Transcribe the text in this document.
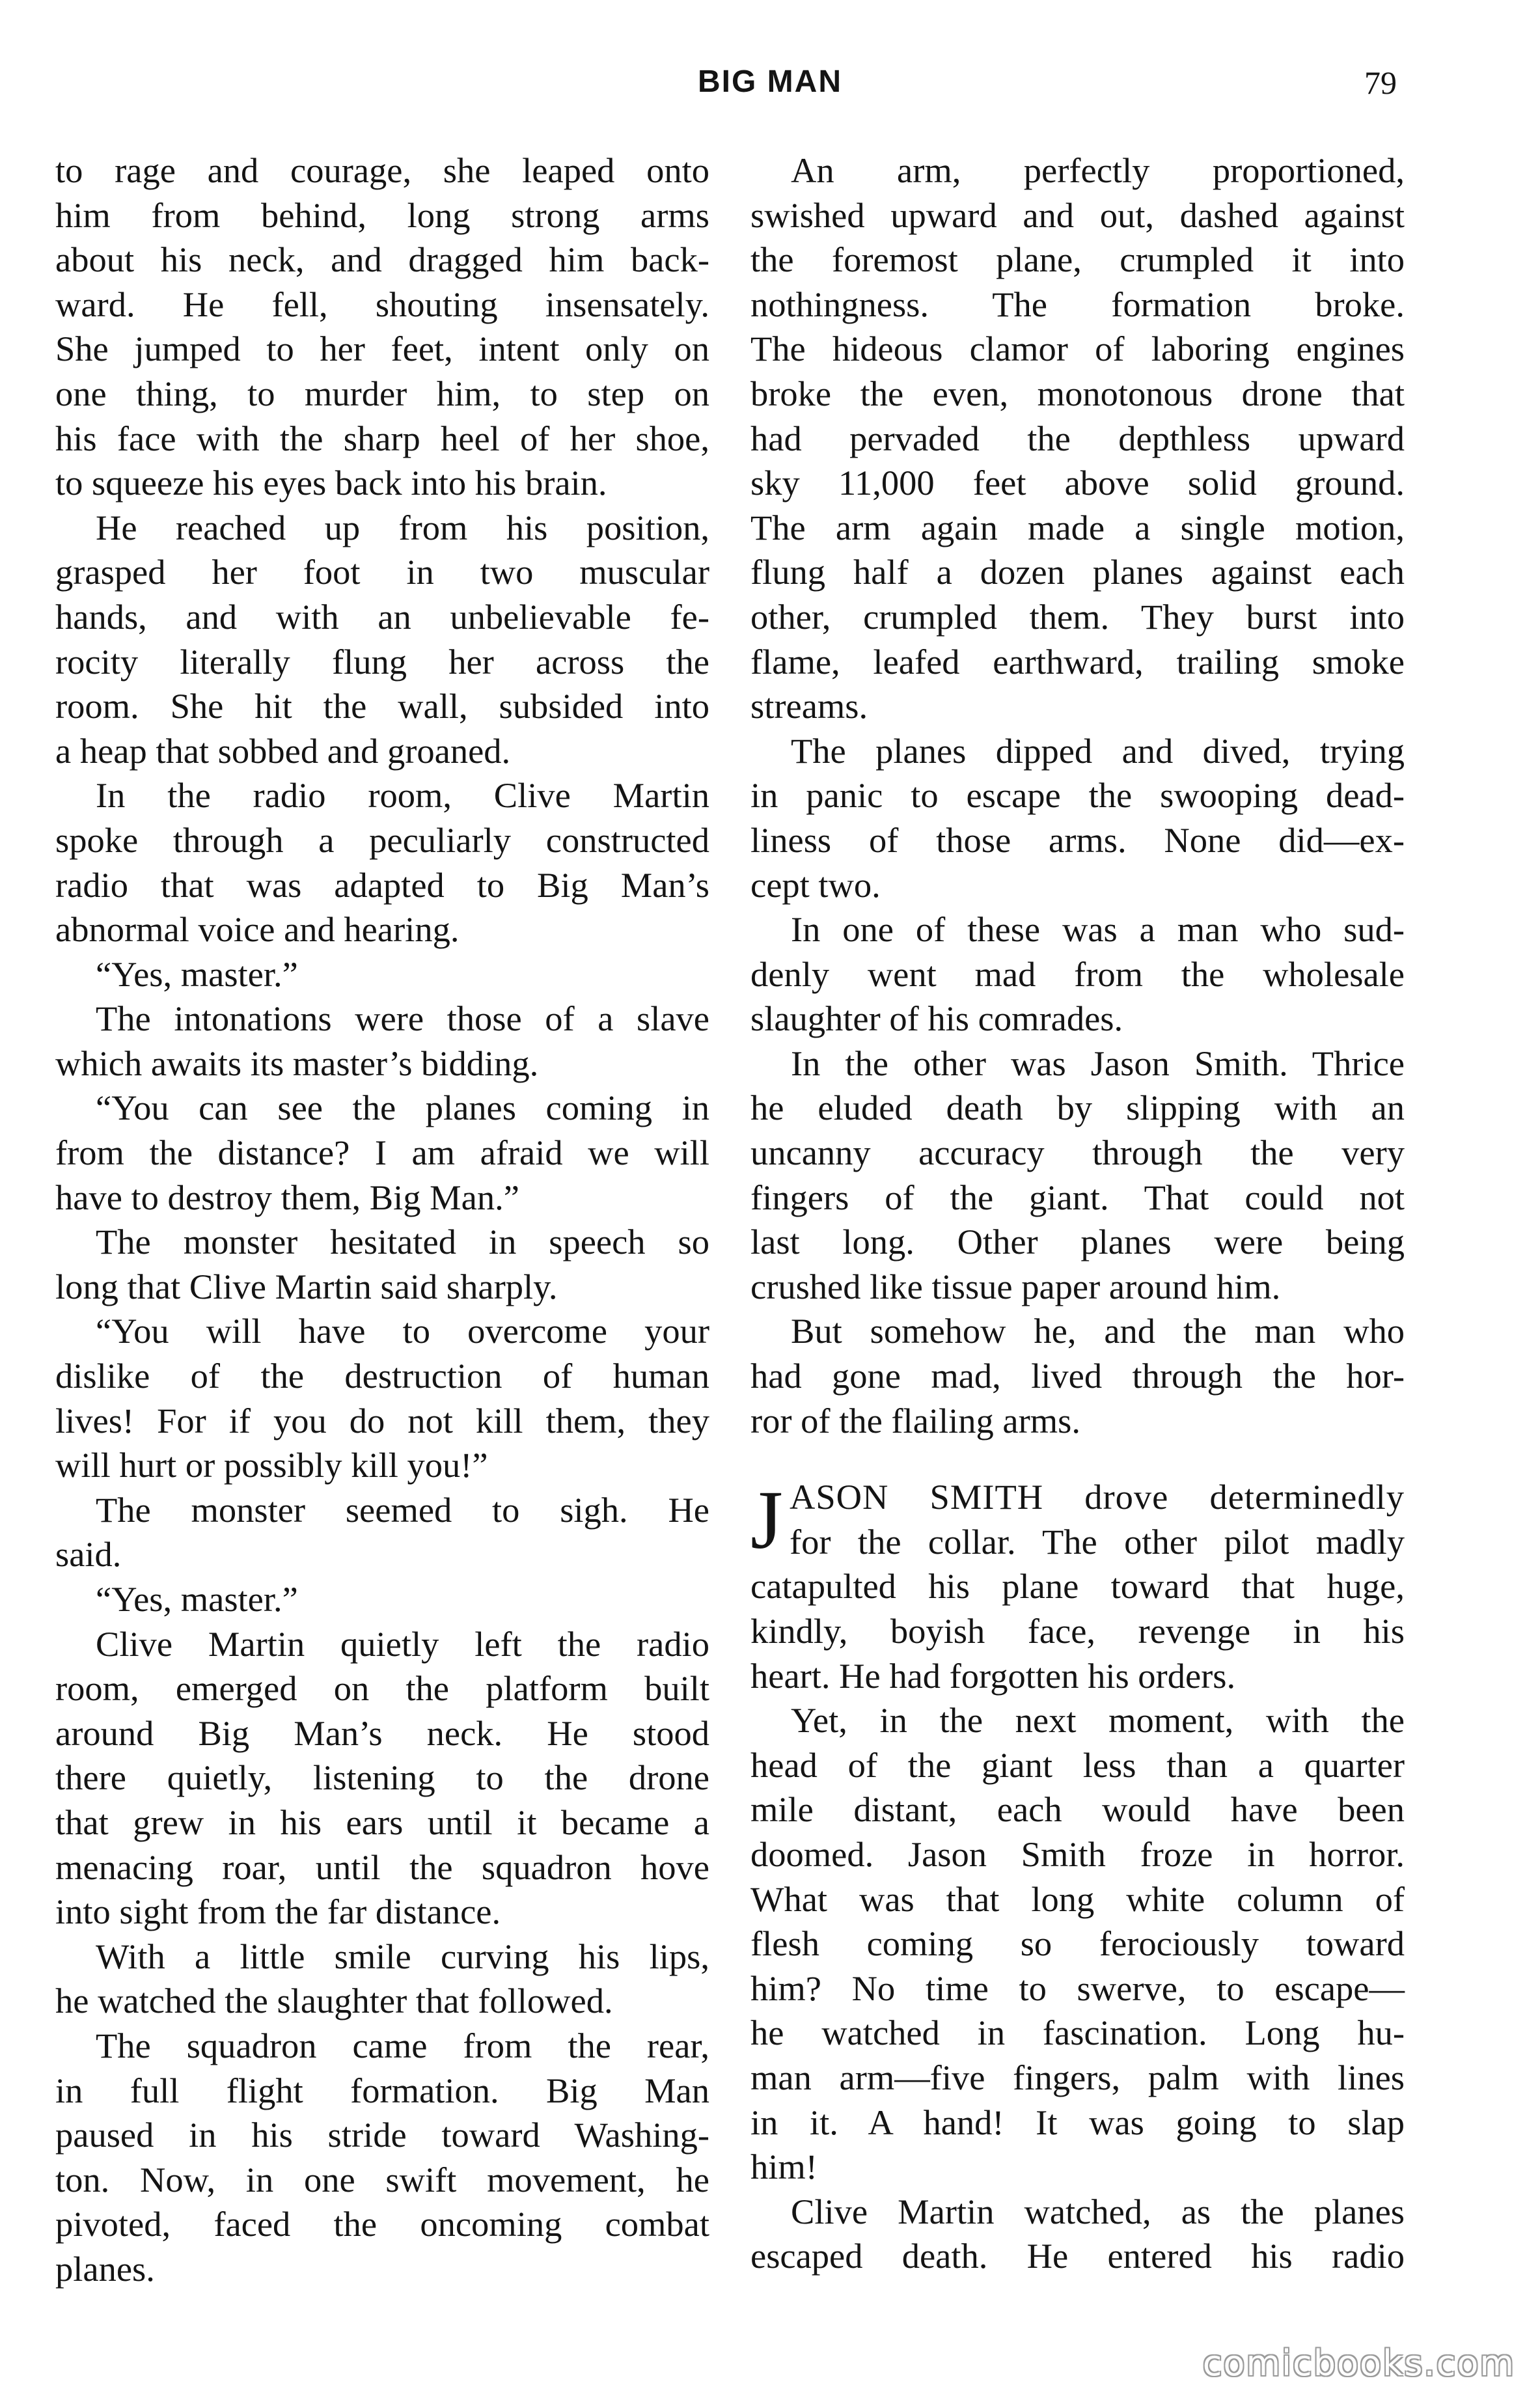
BIG MAN	79
to rage and courage, she leaped onto
him from behind, long strong arms
about his neck, and dragged him back-
ward. He fell, shouting insensately.
She jumped to her feet, intent only on
one thing, to murder him, to step on
his face with the sharp heel of her shoe,
to squeeze his eyes back into his brain.
He reached up from his position,
grasped her foot in two muscular
hands, and with an unbelievable fe-
rocity literally flung her across the
room. She hit the wall, subsided into
a heap that sobbed and groaned.
In the radio room, Clive Martin
spoke through a peculiarly constructed
radio that was adapted to Big Man’s
abnormal voice and hearing.
“Yes, master.”
The intonations were those of a slave
which awaits its master’s bidding.
“You can see the planes coming in
from the distance? I am afraid we will
have to destroy them, Big Man.”
The monster hesitated in speech so
long that Clive Martin said sharply.
“You will have to overcome your
dislike of the destruction of human
lives! For if you do not kill them, they
will hurt or possibly kill you!”
The monster seemed to sigh. He
said.
“Yes, master.”
Clive Martin quietly left the radio
room, emerged on the platform built
around Big Man’s neck. He stood
there quietly, listening to the drone
that grew in his ears until it became a
menacing roar, until the squadron hove
into sight from the far distance.
With a little smile curving his lips,
he watched the slaughter that followed.
The squadron came from the rear,
in full flight formation. Big Man
paused in his stride toward Washing-
ton. Now, in one swift movement, he
pivoted, faced the oncoming combat
planes.
An arm, perfectly proportioned,
swished upward and out, dashed against
the foremost plane, crumpled it into
nothingness. The formation broke.
The hideous clamor of laboring engines
broke the even, monotonous drone that
had pervaded the depthless upward
sky 11,000 feet above solid ground.
The arm again made a single motion,
flung half a dozen planes against each
other, crumpled them. They burst into
flame, leafed earthward, trailing smoke
streams.
The planes dipped and dived, trying
in panic to escape the swooping dead-
liness of those arms. None did—ex-
cept two.
In one of these was a man who sud-
denly went mad from the wholesale
slaughter of his comrades.
In the other was Jason Smith. Thrice
he eluded death by slipping with an
uncanny accuracy through the very
fingers of the giant. That could not
last long. Other planes were being
crushed like tissue paper around him.
But somehow he, and the man who
had gone mad, lived through the hor-
ror of the flailing arms.
J ASON SMITH drove determinedly
for the collar. The other pilot madly
catapulted his plane toward that huge,
kindly, boyish face, revenge in his
heart. He had forgotten his orders.
Yet, in the next moment, with the
head of the giant less than a quarter
mile distant, each would have been
doomed. Jason Smith froze in horror.
What was that long white column of
flesh coming so ferociously toward
him? No time to swerve, to escape—
he watched in fascination. Long hu-
man arm—five fingers, palm with lines
in it. A hand! It was going to slap
him!
Clive Martin watched, as the planes
escaped death. He entered his radio
comicbooks.com
